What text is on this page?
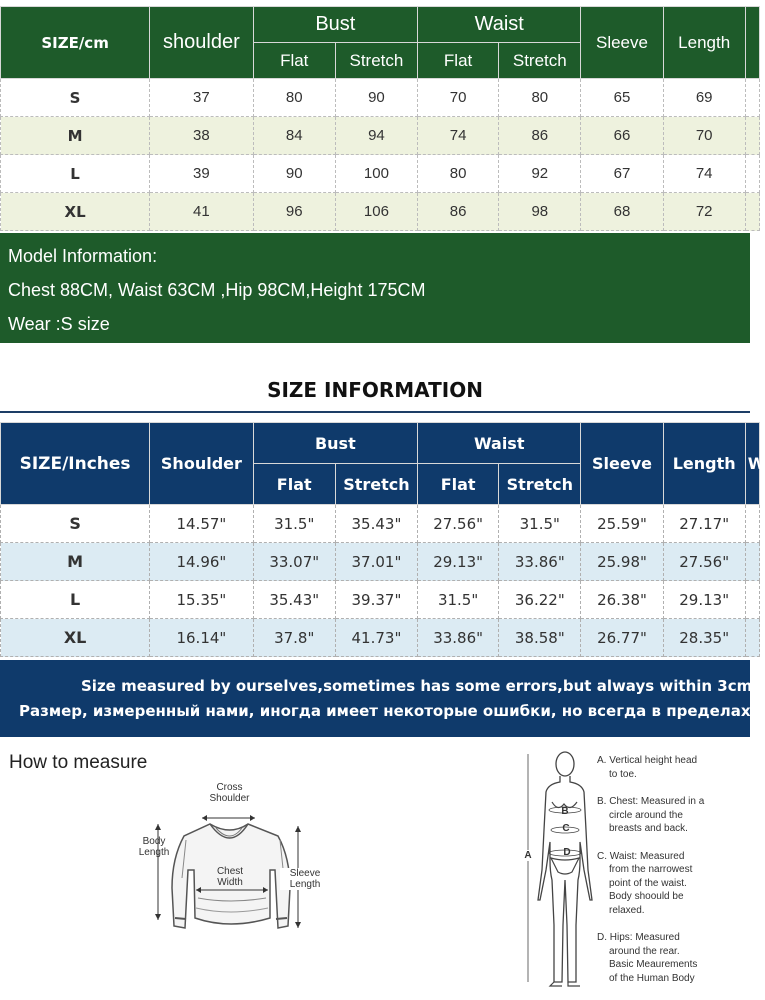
SIZE/cm	shoulder	Bust		Waist		Sleeve	Length	
		Flat	Stretch	Flat	Stretch			
S	37	80	90	70	80	65	69	
M	38	84	94	74	86	66	70	
L	39	90	100	80	92	67	74	
XL	41	96	106	86	98	68	72	

Model Information:

Chest 88CM, Waist 63CM ,Hip 98CM,Height 175CM

Wear :S size

SIZE INFORMATION
SIZE/Inches	Shoulder	Bust		Waist		Sleeve	Length	W
		Flat	Stretch	Flat	Stretch			
S	14.57"	31.5"	35.43"	27.56"	31.5"	25.59"	27.17"	
M	14.96"	33.07"	37.01"	29.13"	33.86"	25.98"	27.56"	
L	15.35"	35.43"	39.37"	31.5"	36.22"	26.38"	29.13"	
XL	16.14"	37.8"	41.73"	33.86"	38.58"	26.77"	28.35"	
Size measured by ourselves,sometimes has some errors,but always within 3cm.
Размер, измеренный нами, иногда имеет некоторые ошибки, но всегда в пределах
How to measure
Cross
Shoulder
Body
Length
Chest
Width
Sleeve
Length
A
B
C
D
A. Vertical height head
to toe.
B. Chest: Measured in a
circle around the
breasts and back.
C. Waist: Measured
from the narrowest
point of the waist.
Body shoould be
relaxed.
D. Hips: Measured
around the rear.
Basic Meaurements
of the Human Body
